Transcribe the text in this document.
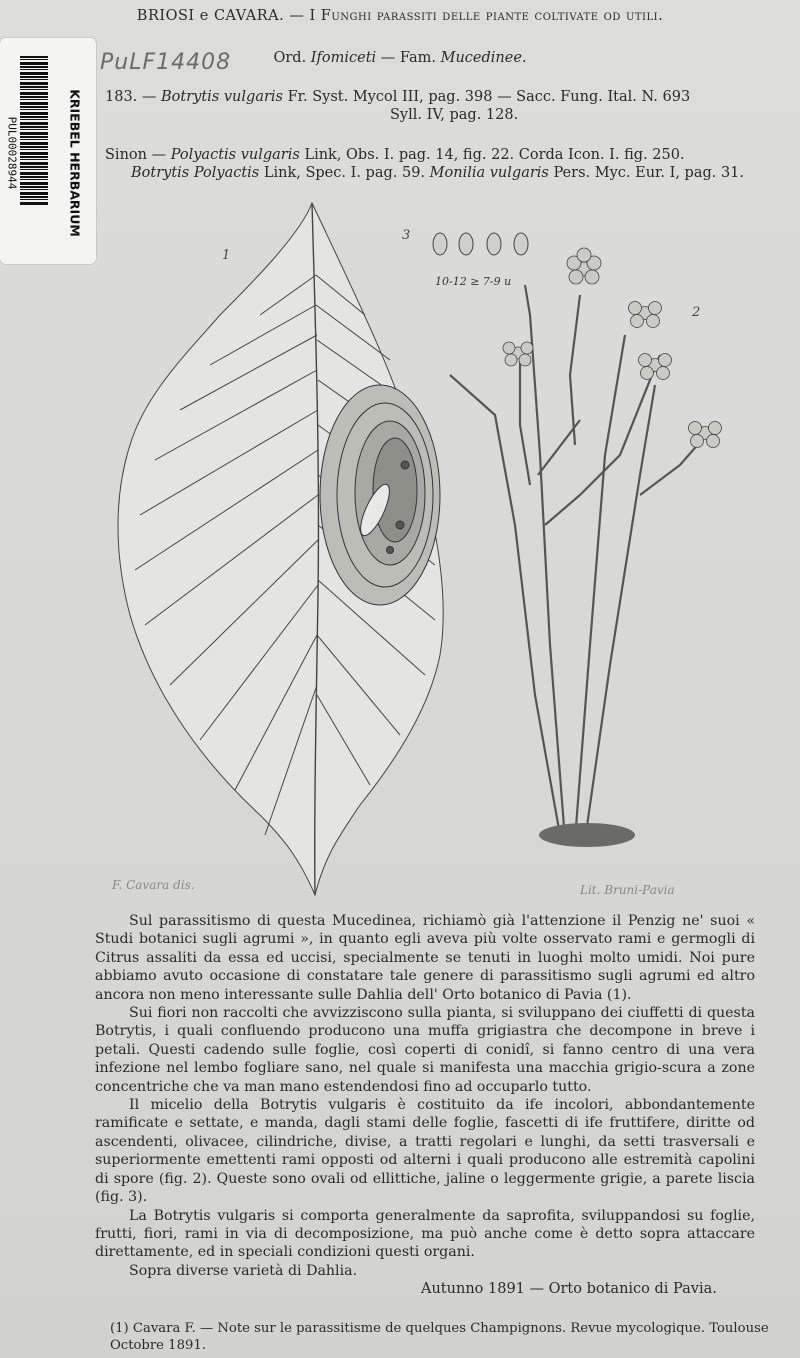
BRIOSI e CAVARA. — I Funghi parassiti delle piante coltivate od utili.
Ord. Ifomiceti — Fam. Mucedinee.
183. — Botrytis vulgaris Fr. Syst. Mycol III, pag. 398 — Sacc. Fung. Ital. N. 693
Syll. IV, pag. 128.
Sinon — Polyactis vulgaris Link, Obs. I. pag. 14, fig. 22. Corda Icon. I. fig. 250.
Botrytis Polyactis Link, Spec. I. pag. 59. Monilia vulgaris Pers. Myc. Eur. I, pag. 31.
PUL00028944	KRIEBEL HERBARIUM
PuLF14408
1
2
3
10-12 ≥ 7-9 u
F. Cavara dis.	Lit. Bruni-Pavia

Sul parassitismo di questa Mucedinea, richiamò già l'attenzione il Penzig ne' suoi « Studi botanici sugli agrumi », in quanto egli aveva più volte osservato rami e germogli di Citrus assaliti da essa ed uccisi, specialmente se tenuti in luoghi molto umidi. Noi pure abbiamo avuto occasione di constatare tale genere di parassitismo sugli agrumi ed altro ancora non meno interessante sulle Dahlia dell' Orto botanico di Pavia (1).

Sui fiori non raccolti che avvizziscono sulla pianta, si sviluppano dei ciuffetti di questa Botrytis, i quali confluendo producono una muffa grigiastra che decompone in breve i petali. Questi cadendo sulle foglie, così coperti di conidî, si fanno centro di una vera infezione nel lembo fogliare sano, nel quale si manifesta una macchia grigio-scura a zone concentriche che va man mano estendendosi fino ad occuparlo tutto.

Il micelio della Botrytis vulgaris è costituito da ife incolori, abbondantemente ramificate e settate, e manda, dagli stami delle foglie, fascetti di ife fruttifere, diritte od ascendenti, olivacee, cilindriche, divise, a tratti regolari e lunghi, da setti trasversali e superiormente emettenti rami opposti od alterni i quali producono alle estremità capolini di spore (fig. 2). Queste sono ovali od ellittiche, jaline o leggermente grigie, a parete liscia (fig. 3).

La Botrytis vulgaris si comporta generalmente da saprofita, sviluppandosi su foglie, frutti, fiori, rami in via di decomposizione, ma può anche come è detto sopra attaccare direttamente, ed in speciali condizioni questi organi.

Sopra diverse varietà di Dahlia.

Autunno 1891 — Orto botanico di Pavia.
(1) Cavara F. — Note sur le parassitisme de quelques Champignons. Revue mycologique. Toulouse Octobre 1891.
